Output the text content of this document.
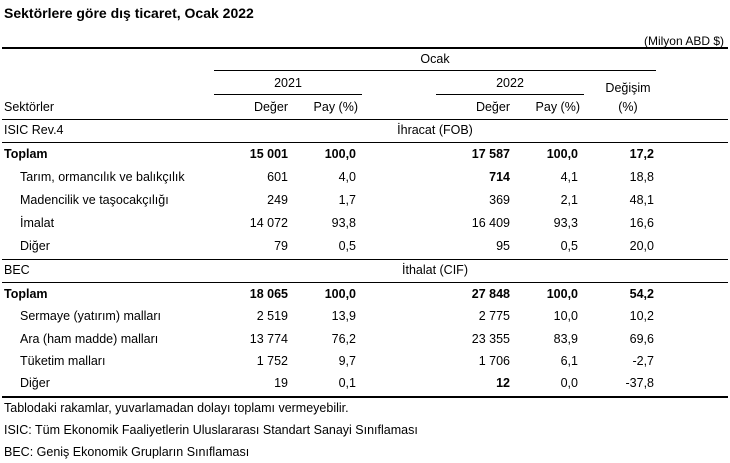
Sektörlere göre dış ticaret, Ocak 2022
(Milyon ABD $)
Ocak
2021	2022	Değişim
Sektörler	Değer	Pay (%)	Değer	Pay (%)	(%)
ISIC Rev.4	İhracat (FOB)
Toplam	15 001	100,0	17 587	100,0	17,2
Tarım, ormancılık ve balıkçılık	601	4,0	714	4,1	18,8
Madencilik ve taşocakçılığı	249	1,7	369	2,1	48,1
İmalat	14 072	93,8	16 409	93,3	16,6
Diğer	79	0,5	95	0,5	20,0
BEC	İthalat (CIF)
Toplam	18 065	100,0	27 848	100,0	54,2
Sermaye (yatırım) malları	2 519	13,9	2 775	10,0	10,2
Ara (ham madde) malları	13 774	76,2	23 355	83,9	69,6
Tüketim malları	1 752	9,7	1 706	6,1	-2,7
Diğer	19	0,1	12	0,0	-37,8
Tablodaki rakamlar, yuvarlamadan dolayı toplamı vermeyebilir.
ISIC: Tüm Ekonomik Faaliyetlerin Uluslararası Standart Sanayi Sınıflaması
BEC: Geniş Ekonomik Grupların Sınıflaması
